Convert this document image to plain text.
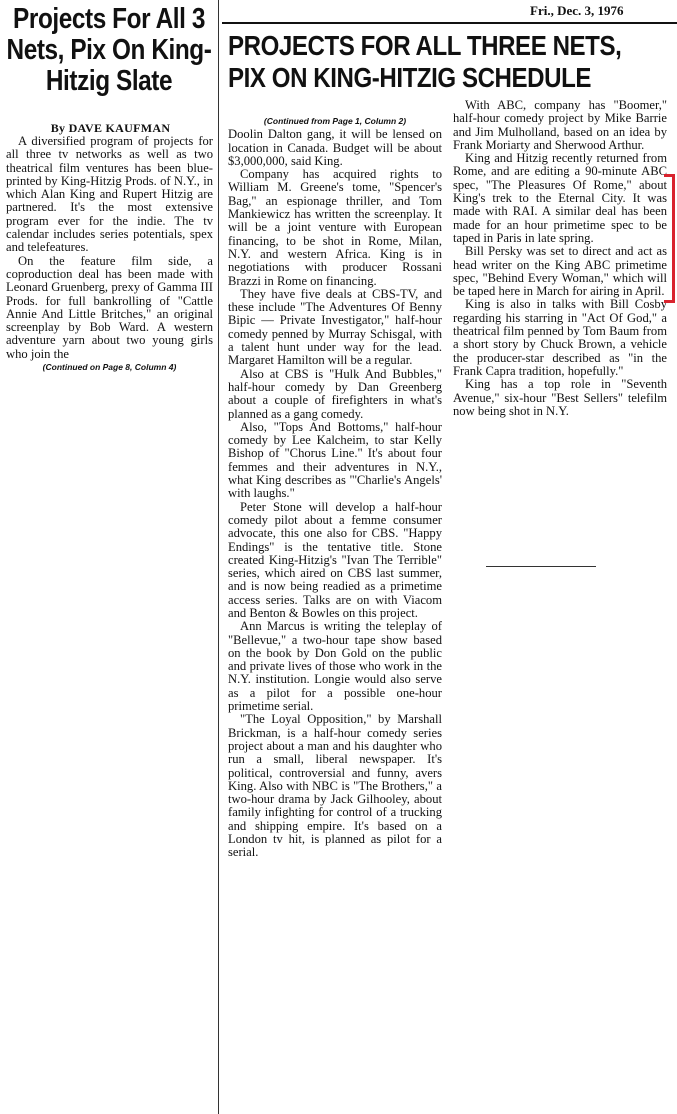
Fri., Dec. 3, 1976
Projects For All 3 Nets, Pix On King-Hitzig Slate
By DAVE KAUFMAN

A diversified program of projects for all three tv networks as well as two theatrical film ventures has been blue-printed by King-Hitzig Prods. of N.Y., in which Alan King and Rupert Hitzig are partnered. It's the most extensive program ever for the indie. The tv calendar includes series potentials, spex and telefeatures.

On the feature film side, a coproduction deal has been made with Leonard Gruenberg, prexy of Gamma III Prods. for full bankrolling of "Cattle Annie And Little Britches," an original screenplay by Bob Ward. A western adventure yarn about two young girls who join the

(Continued on Page 8, Column 4)

PROJECTS FOR ALL THREE NETS, PIX ON KING-HITZIG SCHEDULE

(Continued from Page 1, Column 2)

Doolin Dalton gang, it will be lensed on location in Canada. Budget will be about $3,000,000, said King.

Company has acquired rights to William M. Greene's tome, "Spencer's Bag," an espionage thriller, and Tom Mankiewicz has written the screenplay. It will be a joint venture with European financing, to be shot in Rome, Milan, N.Y. and western Africa. King is in negotiations with producer Rossani Brazzi in Rome on financing.

They have five deals at CBS-TV, and these include "The Adventures Of Benny Bipic — Private Investigator," half-hour comedy penned by Murray Schisgal, with a talent hunt under way for the lead. Margaret Hamilton will be a regular.

Also at CBS is "Hulk And Bubbles," half-hour comedy by Dan Greenberg about a couple of firefighters in what's planned as a gang comedy.

Also, "Tops And Bottoms," half-hour comedy by Lee Kalcheim, to star Kelly Bishop of "Chorus Line." It's about four femmes and their adventures in N.Y., what King describes as "'Charlie's Angels' with laughs."

Peter Stone will develop a half-hour comedy pilot about a femme consumer advocate, this one also for CBS. "Happy Endings" is the tentative title. Stone created King-Hitzig's "Ivan The Terrible" series, which aired on CBS last summer, and is now being readied as a primetime access series. Talks are on with Viacom and Benton & Bowles on this project.

Ann Marcus is writing the teleplay of "Bellevue," a two-hour tape show based on the book by Don Gold on the public and private lives of those who work in the N.Y. institution. Longie would also serve as a pilot for a possible one-hour primetime serial.

"The Loyal Opposition," by Marshall Brickman, is a half-hour comedy series project about a man and his daughter who run a small, liberal newspaper. It's political, controversial and funny, avers King. Also with NBC is "The Brothers," a two-hour drama by Jack Gilhooley, about family infighting for control of a trucking and shipping empire. It's based on a London tv hit, is planned as pilot for a serial.

With ABC, company has "Boomer," half-hour comedy project by Mike Barrie and Jim Mulholland, based on an idea by Frank Moriarty and Sherwood Arthur.

King and Hitzig recently returned from Rome, and are editing a 90-minute ABC spec, "The Pleasures Of Rome," about King's trek to the Eternal City. It was made with RAI. A similar deal has been made for an hour primetime spec to be taped in Paris in late spring.

Bill Persky was set to direct and act as head writer on the King ABC primetime spec, "Behind Every Woman," which will be taped here in March for airing in April.

King is also in talks with Bill Cosby regarding his starring in "Act Of God," a theatrical film penned by Tom Baum from a short story by Chuck Brown, a vehicle the producer-star described as "in the Frank Capra tradition, hopefully."

King has a top role in "Seventh Avenue," six-hour "Best Sellers" telefilm now being shot in N.Y.
